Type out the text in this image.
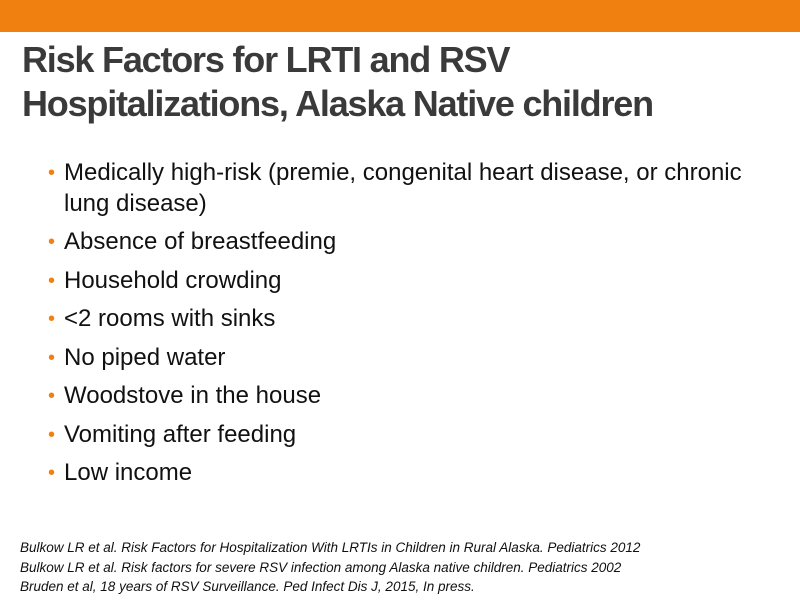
Risk Factors for LRTI and RSV
Hospitalizations, Alaska Native children
• Medically high-risk (premie, congenital heart disease, or chronic lung disease)
• Absence of breastfeeding
• Household crowding
• <2 rooms with sinks
• No piped water
• Woodstove in the house
• Vomiting after feeding
• Low income
Bulkow LR et al. Risk Factors for Hospitalization With LRTIs in Children in Rural Alaska. Pediatrics 2012
Bulkow LR et al. Risk factors for severe RSV infection among Alaska native children. Pediatrics 2002
Bruden et al, 18 years of RSV Surveillance. Ped Infect Dis J, 2015, In press.
